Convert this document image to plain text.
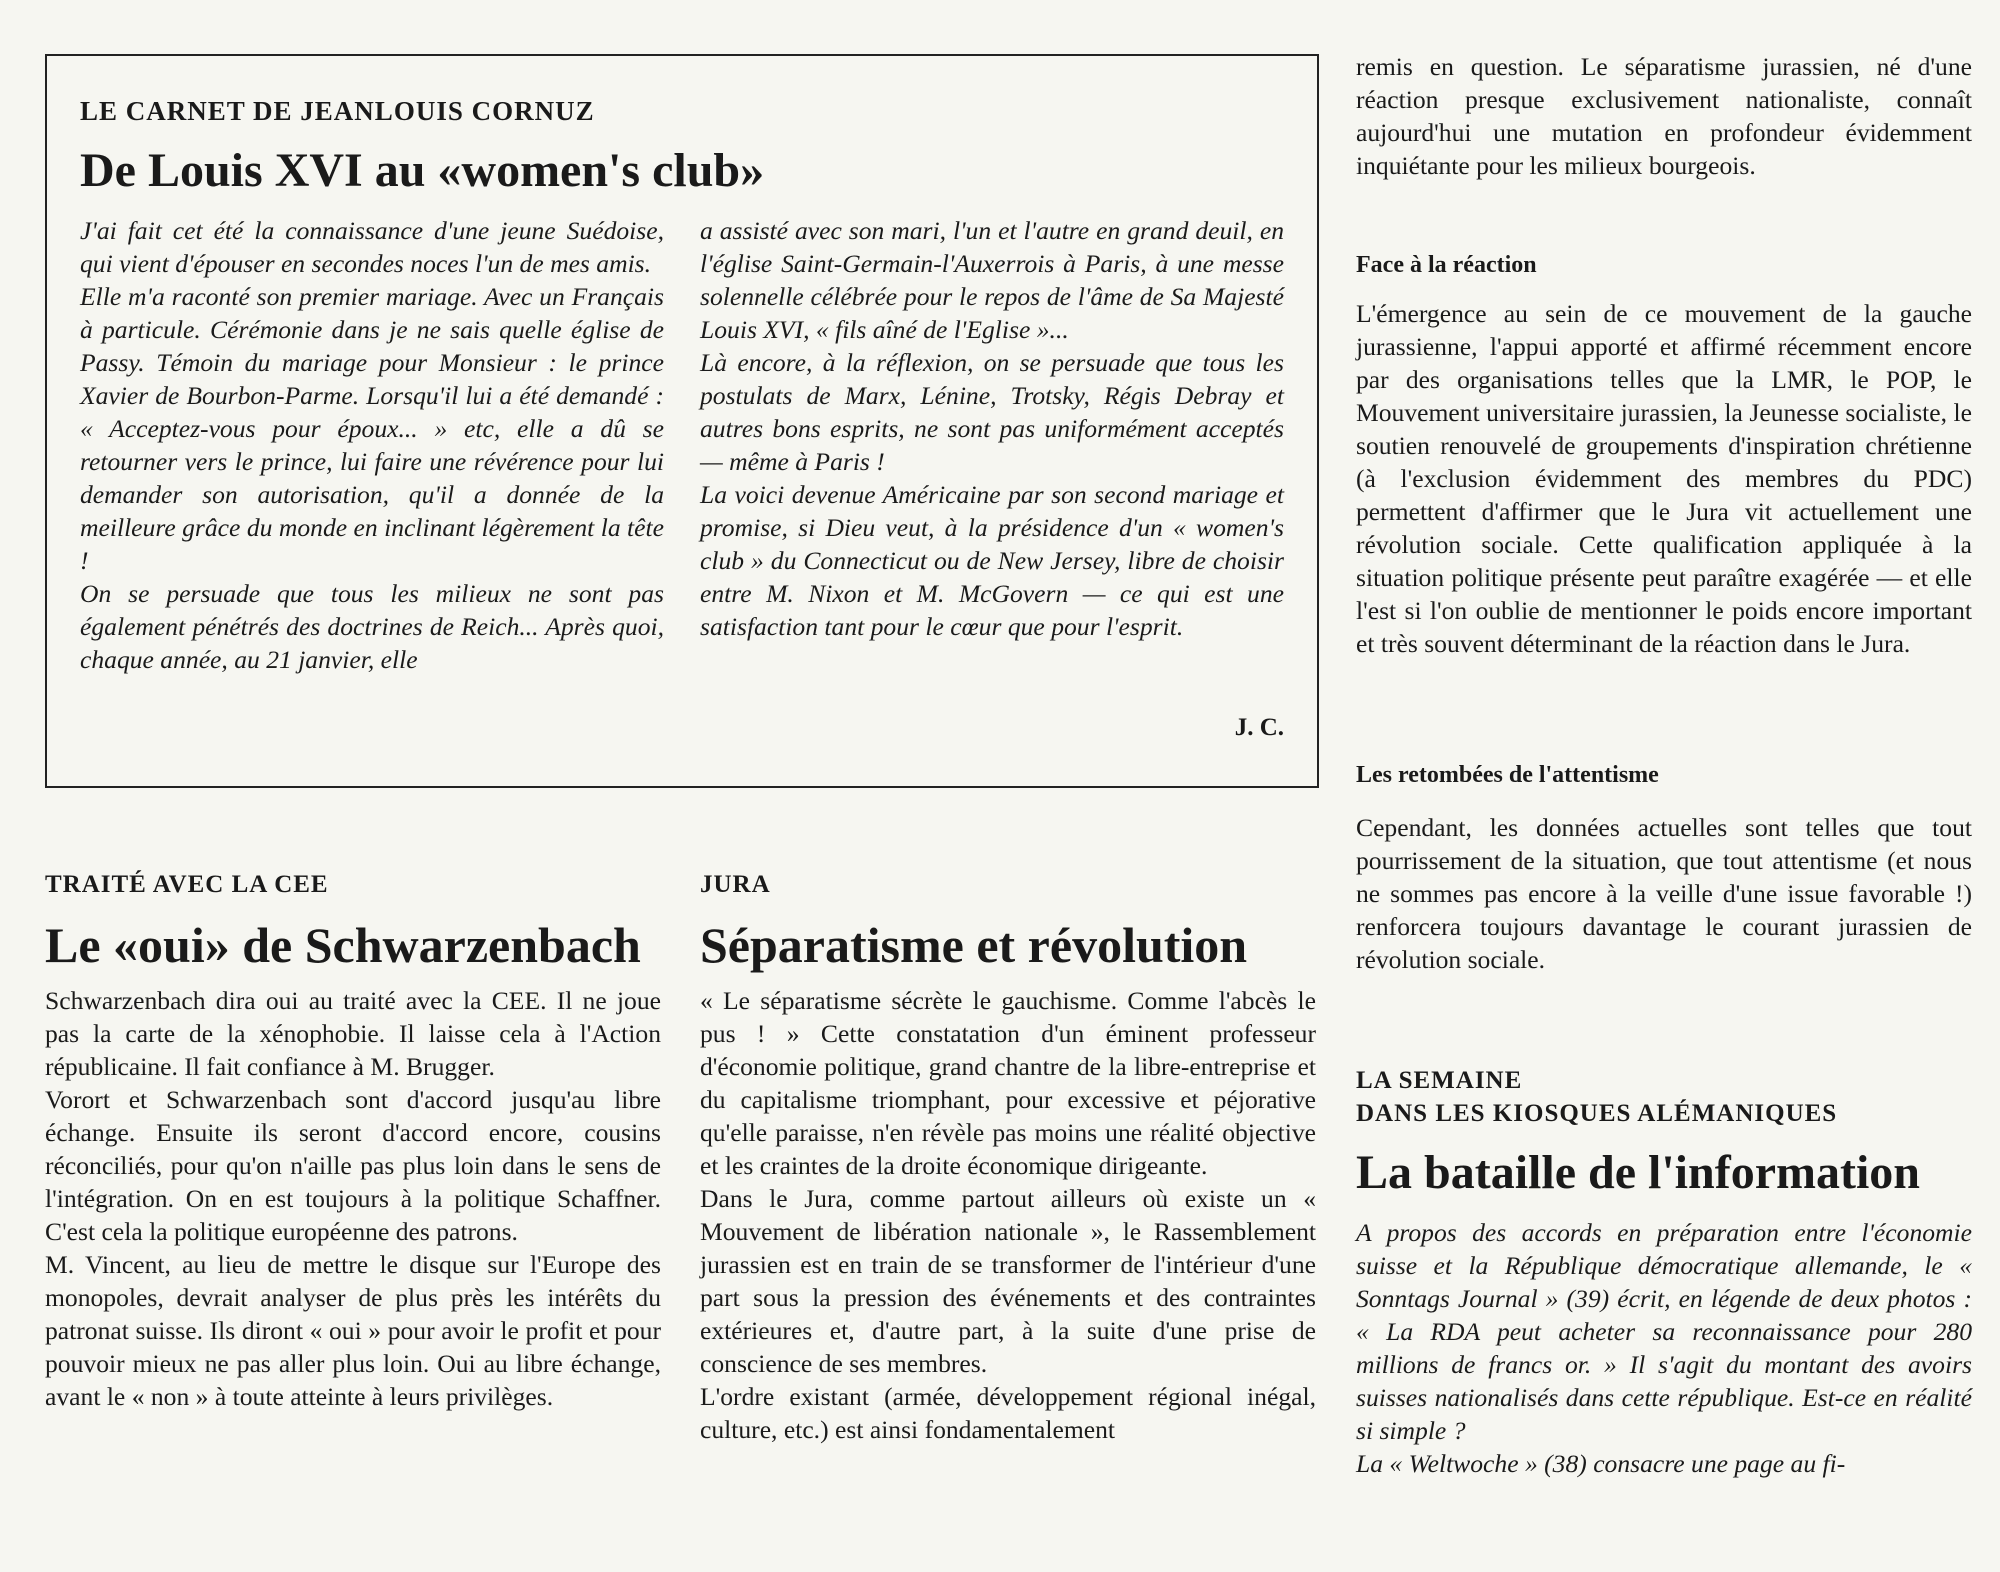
LE CARNET DE JEANLOUIS CORNUZ
De Louis XVI au «women's club»

J'ai fait cet été la connaissance d'une jeune Suédoise, qui vient d'épouser en secondes noces l'un de mes amis.

Elle m'a raconté son premier mariage. Avec un Français à particule. Cérémonie dans je ne sais quelle église de Passy. Témoin du mariage pour Monsieur : le prince Xavier de Bourbon-Parme. Lorsqu'il lui a été demandé : « Acceptez-vous pour époux... » etc, elle a dû se retourner vers le prince, lui faire une révérence pour lui demander son autorisation, qu'il a donnée de la meilleure grâce du monde en inclinant légèrement la tête !

On se persuade que tous les milieux ne sont pas également pénétrés des doctrines de Reich... Après quoi, chaque année, au 21 janvier, elle

a assisté avec son mari, l'un et l'autre en grand deuil, en l'église Saint-Germain-l'Auxerrois à Paris, à une messe solennelle célébrée pour le repos de l'âme de Sa Majesté Louis XVI, « fils aîné de l'Eglise »...

Là encore, à la réflexion, on se persuade que tous les postulats de Marx, Lénine, Trotsky, Régis Debray et autres bons esprits, ne sont pas uniformément acceptés — même à Paris !

La voici devenue Américaine par son second mariage et promise, si Dieu veut, à la présidence d'un « women's club » du Connecticut ou de New Jersey, libre de choisir entre M. Nixon et M. McGovern — ce qui est une satisfaction tant pour le cœur que pour l'esprit.

J. C.
TRAITÉ AVEC LA CEE
Le «oui» de Schwarzenbach

Schwarzenbach dira oui au traité avec la CEE. Il ne joue pas la carte de la xénophobie. Il laisse cela à l'Action républicaine. Il fait confiance à M. Brugger.

Vorort et Schwarzenbach sont d'accord jusqu'au libre échange. Ensuite ils seront d'accord encore, cousins réconciliés, pour qu'on n'aille pas plus loin dans le sens de l'intégration. On en est toujours à la politique Schaffner. C'est cela la politique européenne des patrons.

M. Vincent, au lieu de mettre le disque sur l'Europe des monopoles, devrait analyser de plus près les intérêts du patronat suisse. Ils diront « oui » pour avoir le profit et pour pouvoir mieux ne pas aller plus loin. Oui au libre échange, avant le « non » à toute atteinte à leurs privilèges.

JURA
Séparatisme et révolution

« Le séparatisme sécrète le gauchisme. Comme l'abcès le pus ! » Cette constatation d'un éminent professeur d'économie politique, grand chantre de la libre-entreprise et du capitalisme triomphant, pour excessive et péjorative qu'elle paraisse, n'en révèle pas moins une réalité objective et les craintes de la droite économique dirigeante.

Dans le Jura, comme partout ailleurs où existe un « Mouvement de libération nationale », le Rassemblement jurassien est en train de se transformer de l'intérieur d'une part sous la pression des événements et des contraintes extérieures et, d'autre part, à la suite d'une prise de conscience de ses membres.

L'ordre existant (armée, développement régional inégal, culture, etc.) est ainsi fondamentalement

remis en question. Le séparatisme jurassien, né d'une réaction presque exclusivement nationaliste, connaît aujourd'hui une mutation en profondeur évidemment inquiétante pour les milieux bourgeois.
Face à la réaction
L'émergence au sein de ce mouvement de la gauche jurassienne, l'appui apporté et affirmé récemment encore par des organisations telles que la LMR, le POP, le Mouvement universitaire jurassien, la Jeunesse socialiste, le soutien renouvelé de groupements d'inspiration chrétienne (à l'exclusion évidemment des membres du PDC) permettent d'affirmer que le Jura vit actuellement une révolution sociale. Cette qualification appliquée à la situation politique présente peut paraître exagérée — et elle l'est si l'on oublie de mentionner le poids encore important et très souvent déterminant de la réaction dans le Jura.
Les retombées de l'attentisme
Cependant, les données actuelles sont telles que tout pourrissement de la situation, que tout attentisme (et nous ne sommes pas encore à la veille d'une issue favorable !) renforcera toujours davantage le courant jurassien de révolution sociale.
LA SEMAINE
DANS LES KIOSQUES ALÉMANIQUES
La bataille de l'information

A propos des accords en préparation entre l'économie suisse et la République démocratique allemande, le « Sonntags Journal » (39) écrit, en légende de deux photos : « La RDA peut acheter sa reconnaissance pour 280 millions de francs or. » Il s'agit du montant des avoirs suisses nationalisés dans cette république. Est-ce en réalité si simple ?

La « Weltwoche » (38) consacre une page au fi-
